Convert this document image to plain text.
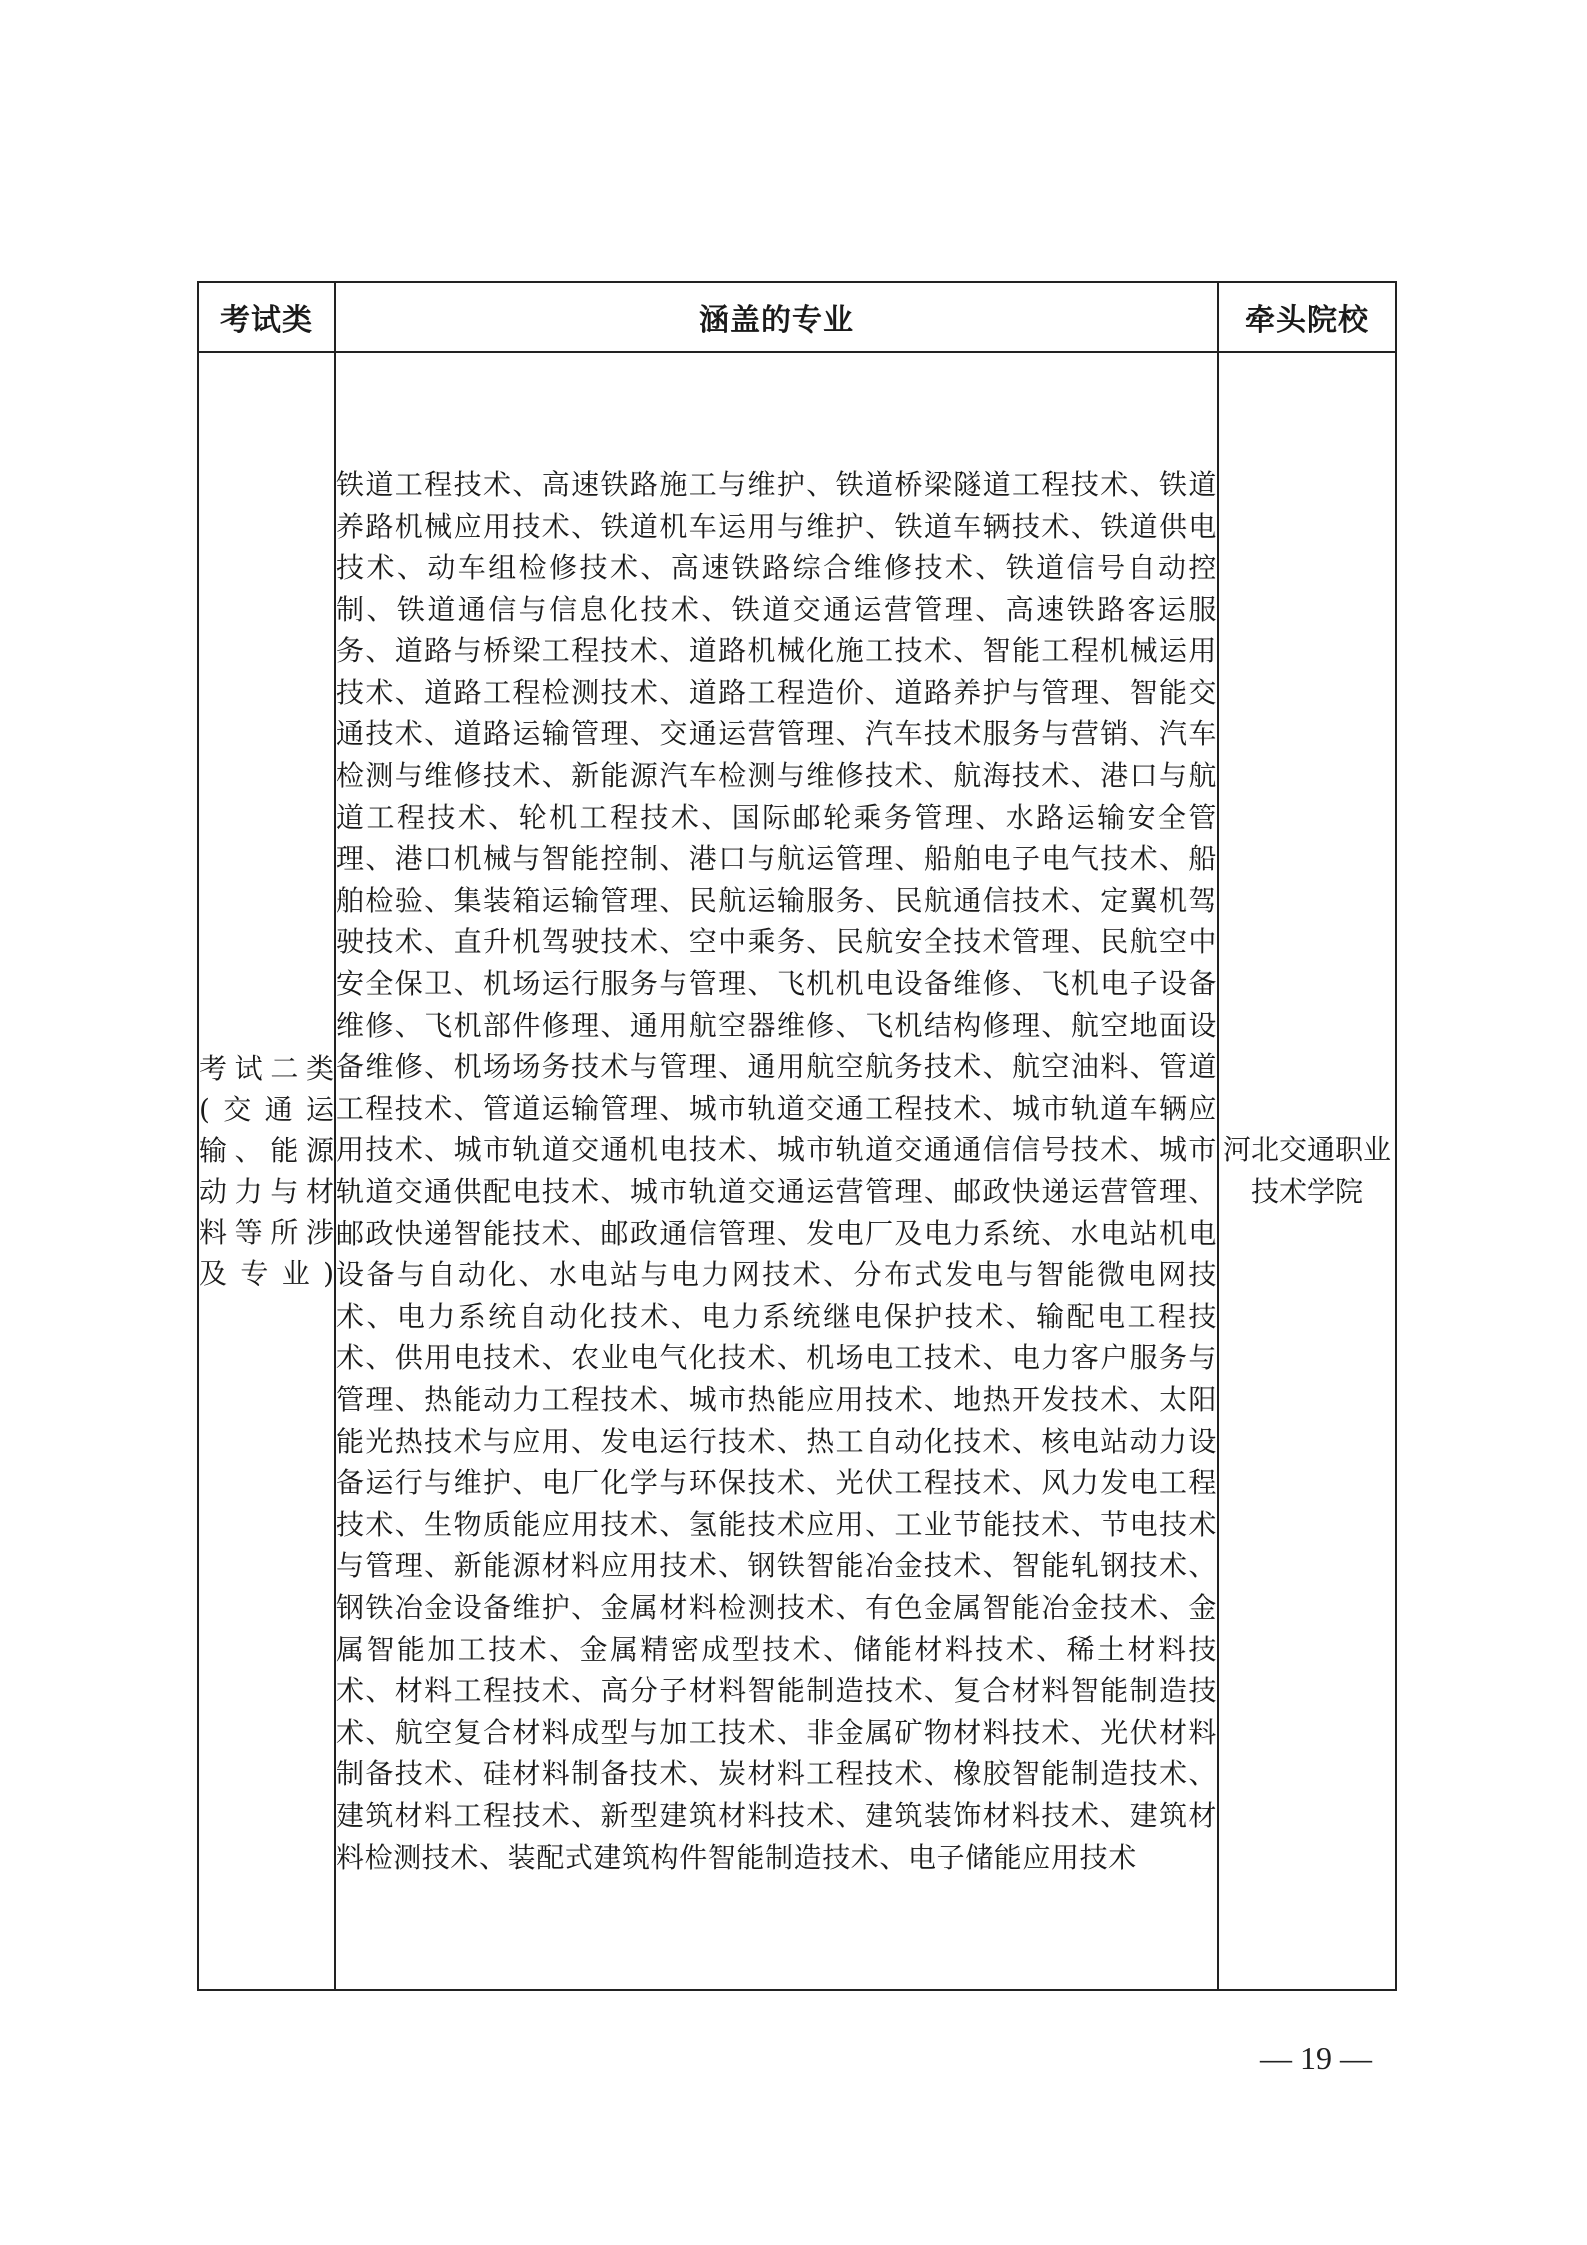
考试类	涵盖的专业	牵头院校
考试二类(交通运输、能源动力与材料等所涉及专业)	铁道工程技术、高速铁路施工与维护、铁道桥梁隧道工程技术、铁道养路机械应用技术、铁道机车运用与维护、铁道车辆技术、铁道供电技术、动车组检修技术、高速铁路综合维修技术、铁道信号自动控制、铁道通信与信息化技术、铁道交通运营管理、高速铁路客运服务、道路与桥梁工程技术、道路机械化施工技术、智能工程机械运用技术、道路工程检测技术、道路工程造价、道路养护与管理、智能交通技术、道路运输管理、交通运营管理、汽车技术服务与营销、汽车检测与维修技术、新能源汽车检测与维修技术、航海技术、港口与航道工程技术、轮机工程技术、国际邮轮乘务管理、水路运输安全管理、港口机械与智能控制、港口与航运管理、船舶电子电气技术、船舶检验、集装箱运输管理、民航运输服务、民航通信技术、定翼机驾驶技术、直升机驾驶技术、空中乘务、民航安全技术管理、民航空中安全保卫、机场运行服务与管理、飞机机电设备维修、飞机电子设备维修、飞机部件修理、通用航空器维修、飞机结构修理、航空地面设备维修、机场场务技术与管理、通用航空航务技术、航空油料、管道工程技术、管道运输管理、城市轨道交通工程技术、城市轨道车辆应用技术、城市轨道交通机电技术、城市轨道交通通信信号技术、城市轨道交通供配电技术、城市轨道交通运营管理、邮政快递运营管理、邮政快递智能技术、邮政通信管理、发电厂及电力系统、水电站机电设备与自动化、水电站与电力网技术、分布式发电与智能微电网技术、电力系统自动化技术、电力系统继电保护技术、输配电工程技术、供用电技术、农业电气化技术、机场电工技术、电力客户服务与管理、热能动力工程技术、城市热能应用技术、地热开发技术、太阳能光热技术与应用、发电运行技术、热工自动化技术、核电站动力设备运行与维护、电厂化学与环保技术、光伏工程技术、风力发电工程技术、生物质能应用技术、氢能技术应用、工业节能技术、节电技术与管理、新能源材料应用技术、钢铁智能冶金技术、智能轧钢技术、钢铁冶金设备维护、金属材料检测技术、有色金属智能冶金技术、金属智能加工技术、金属精密成型技术、储能材料技术、稀土材料技术、材料工程技术、高分子材料智能制造技术、复合材料智能制造技术、航空复合材料成型与加工技术、非金属矿物材料技术、光伏材料制备技术、硅材料制备技术、炭材料工程技术、橡胶智能制造技术、建筑材料工程技术、新型建筑材料技术、建筑装饰材料技术、建筑材料检测技术、装配式建筑构件智能制造技术、电子储能应用技术	河北交通职业技术学院
— 19 —
